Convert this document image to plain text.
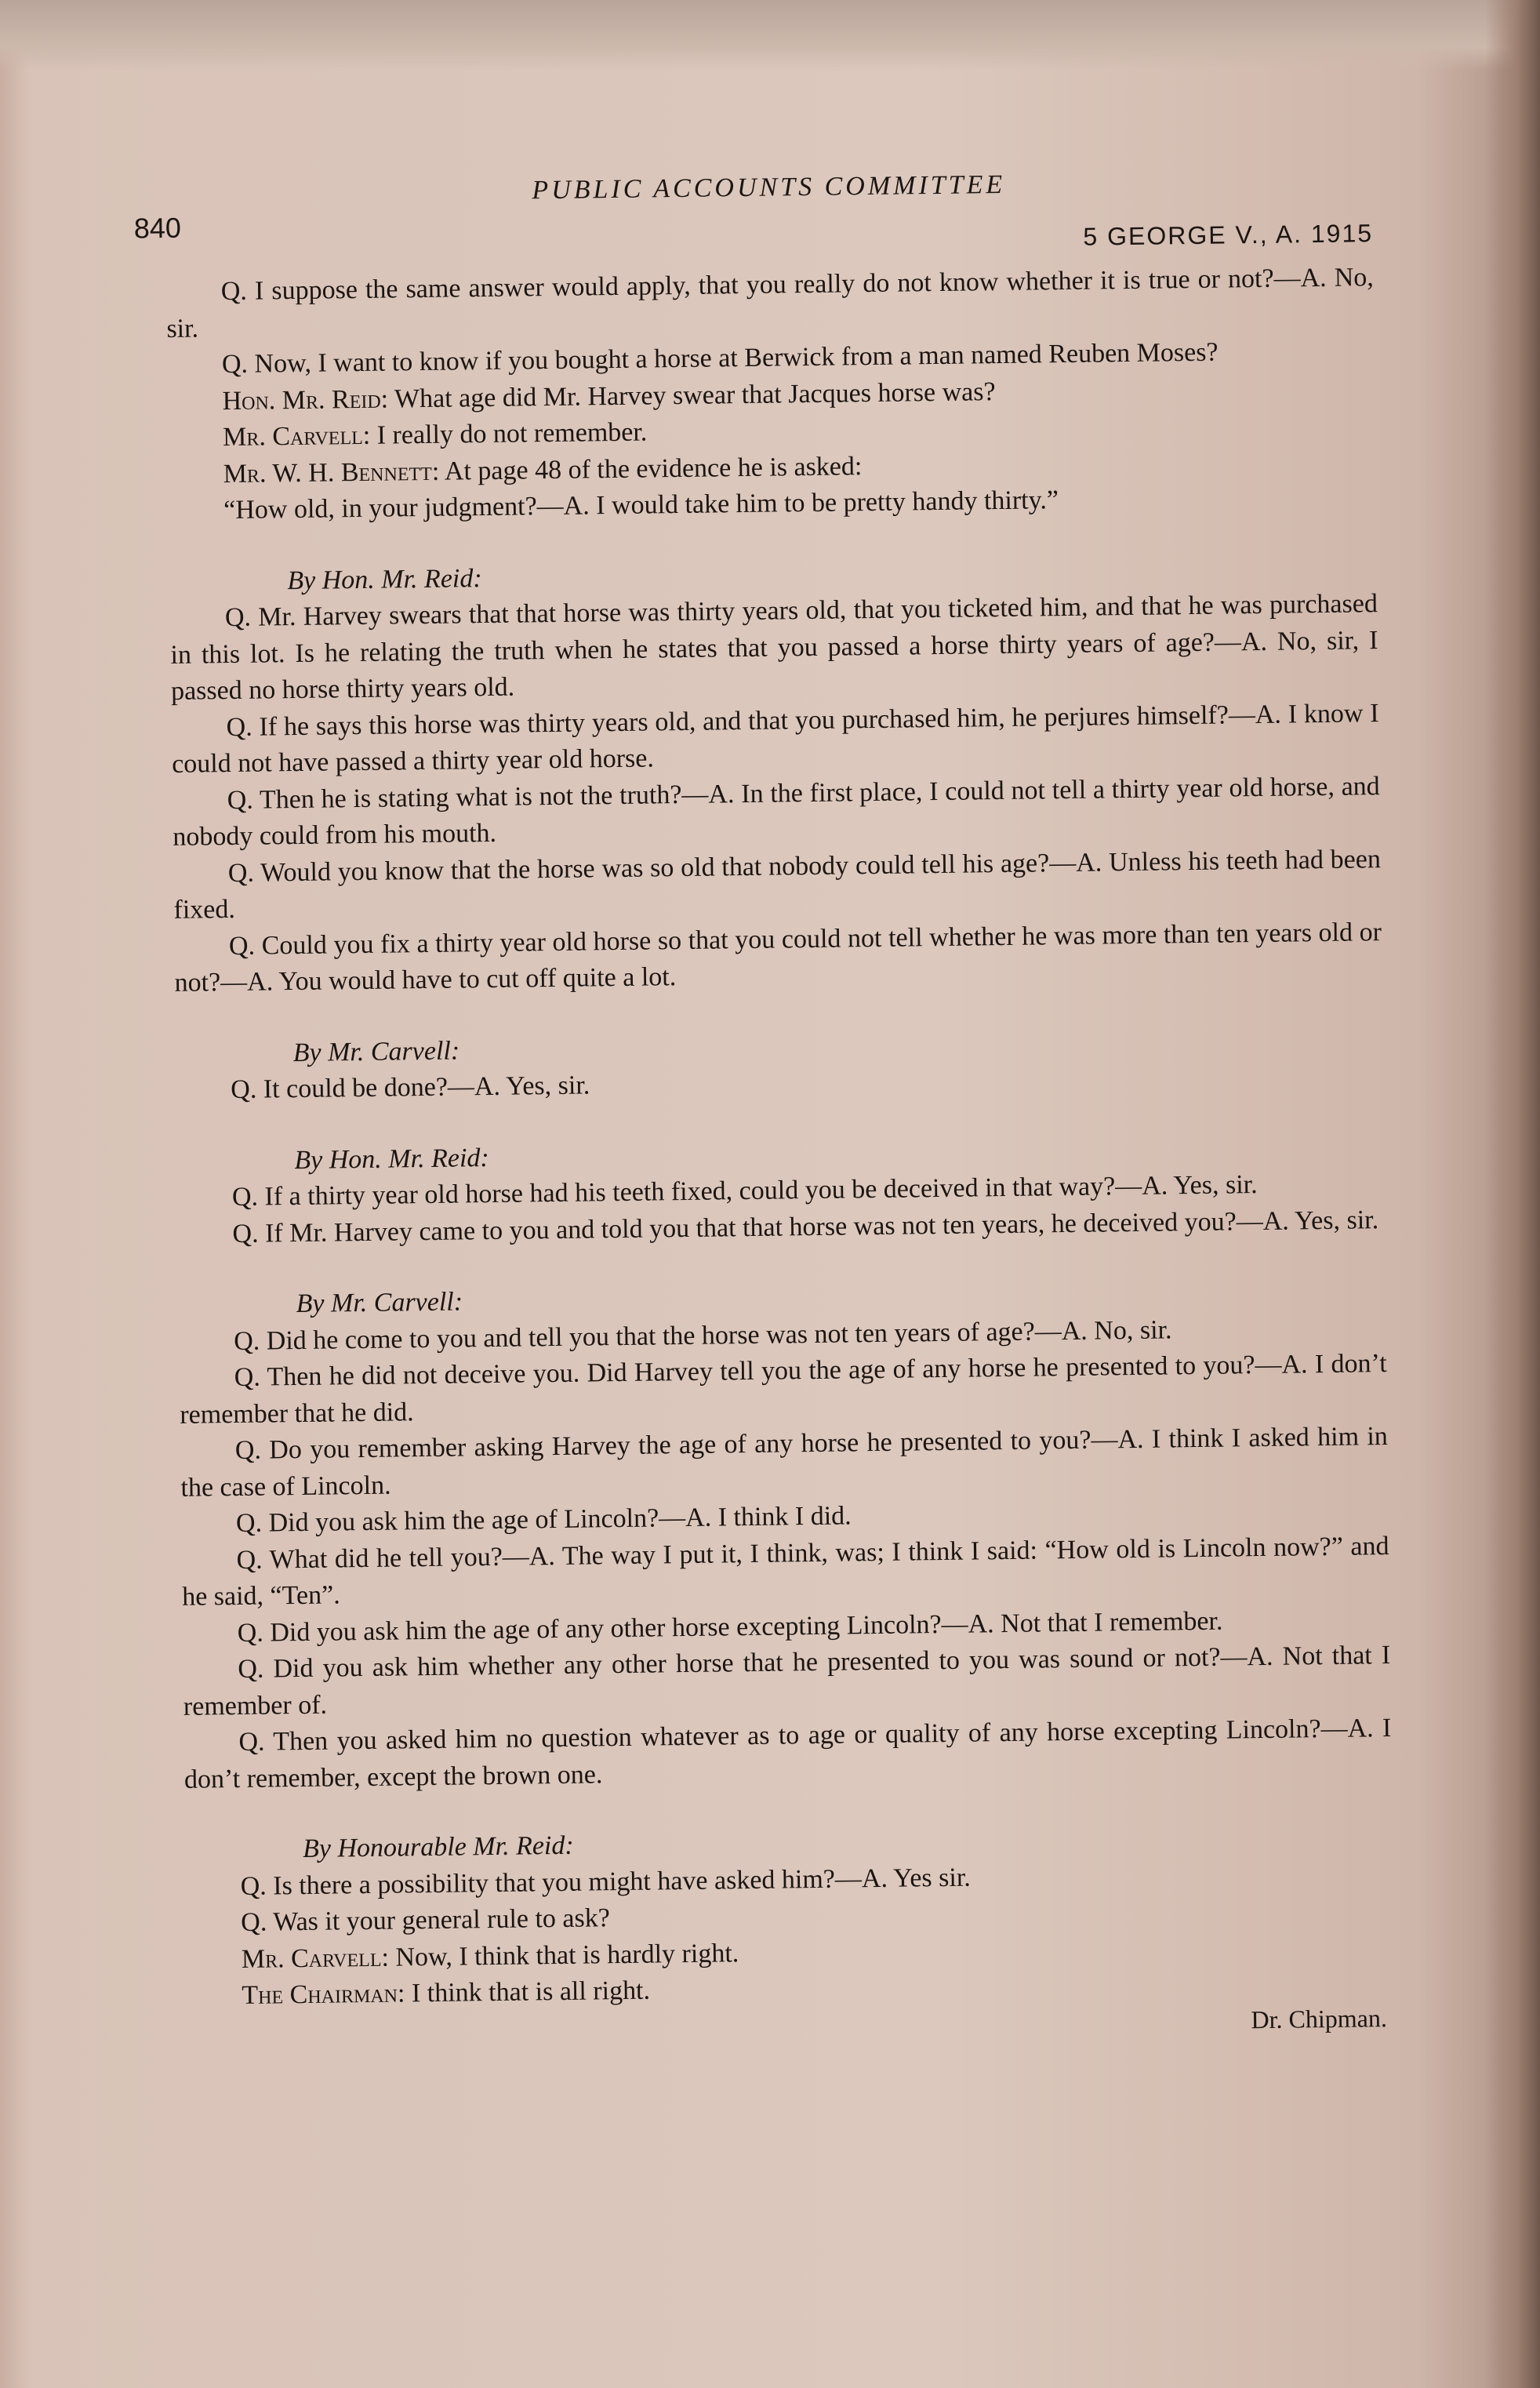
840
PUBLIC ACCOUNTS COMMITTEE
5 GEORGE V., A. 1915

Q. I suppose the same answer would apply, that you really do not know whether it is true or not?—A. No, sir.

Q. Now, I want to know if you bought a horse at Berwick from a man named Reuben Moses?

Hon. Mr. Reid: What age did Mr. Harvey swear that Jacques horse was?

Mr. Carvell: I really do not remember.

Mr. W. H. Bennett: At page 48 of the evidence he is asked:

“How old, in your judgment?—A. I would take him to be pretty handy thirty.”

By Hon. Mr. Reid:

Q. Mr. Harvey swears that that horse was thirty years old, that you ticketed him, and that he was purchased in this lot. Is he relating the truth when he states that you passed a horse thirty years of age?—A. No, sir, I passed no horse thirty years old.

Q. If he says this horse was thirty years old, and that you purchased him, he perjures himself?—A. I know I could not have passed a thirty year old horse.

Q. Then he is stating what is not the truth?—A. In the first place, I could not tell a thirty year old horse, and nobody could from his mouth.

Q. Would you know that the horse was so old that nobody could tell his age?—A. Unless his teeth had been fixed.

Q. Could you fix a thirty year old horse so that you could not tell whether he was more than ten years old or not?—A. You would have to cut off quite a lot.

By Mr. Carvell:

Q. It could be done?—A. Yes, sir.

By Hon. Mr. Reid:

Q. If a thirty year old horse had his teeth fixed, could you be deceived in that way?—A. Yes, sir.

Q. If Mr. Harvey came to you and told you that that horse was not ten years, he deceived you?—A. Yes, sir.

By Mr. Carvell:

Q. Did he come to you and tell you that the horse was not ten years of age?—A. No, sir.

Q. Then he did not deceive you. Did Harvey tell you the age of any horse he presented to you?—A. I don’t remember that he did.

Q. Do you remember asking Harvey the age of any horse he presented to you?—A. I think I asked him in the case of Lincoln.

Q. Did you ask him the age of Lincoln?—A. I think I did.

Q. What did he tell you?—A. The way I put it, I think, was; I think I said: “How old is Lincoln now?” and he said, “Ten”.

Q. Did you ask him the age of any other horse excepting Lincoln?—A. Not that I remember.

Q. Did you ask him whether any other horse that he presented to you was sound or not?—A. Not that I remember of.

Q. Then you asked him no question whatever as to age or quality of any horse excepting Lincoln?—A. I don’t remember, except the brown one.

By Honourable Mr. Reid:

Q. Is there a possibility that you might have asked him?—A. Yes sir.

Q. Was it your general rule to ask?

Mr. Carvell: Now, I think that is hardly right.

The Chairman: I think that is all right.

Dr. Chipman.
